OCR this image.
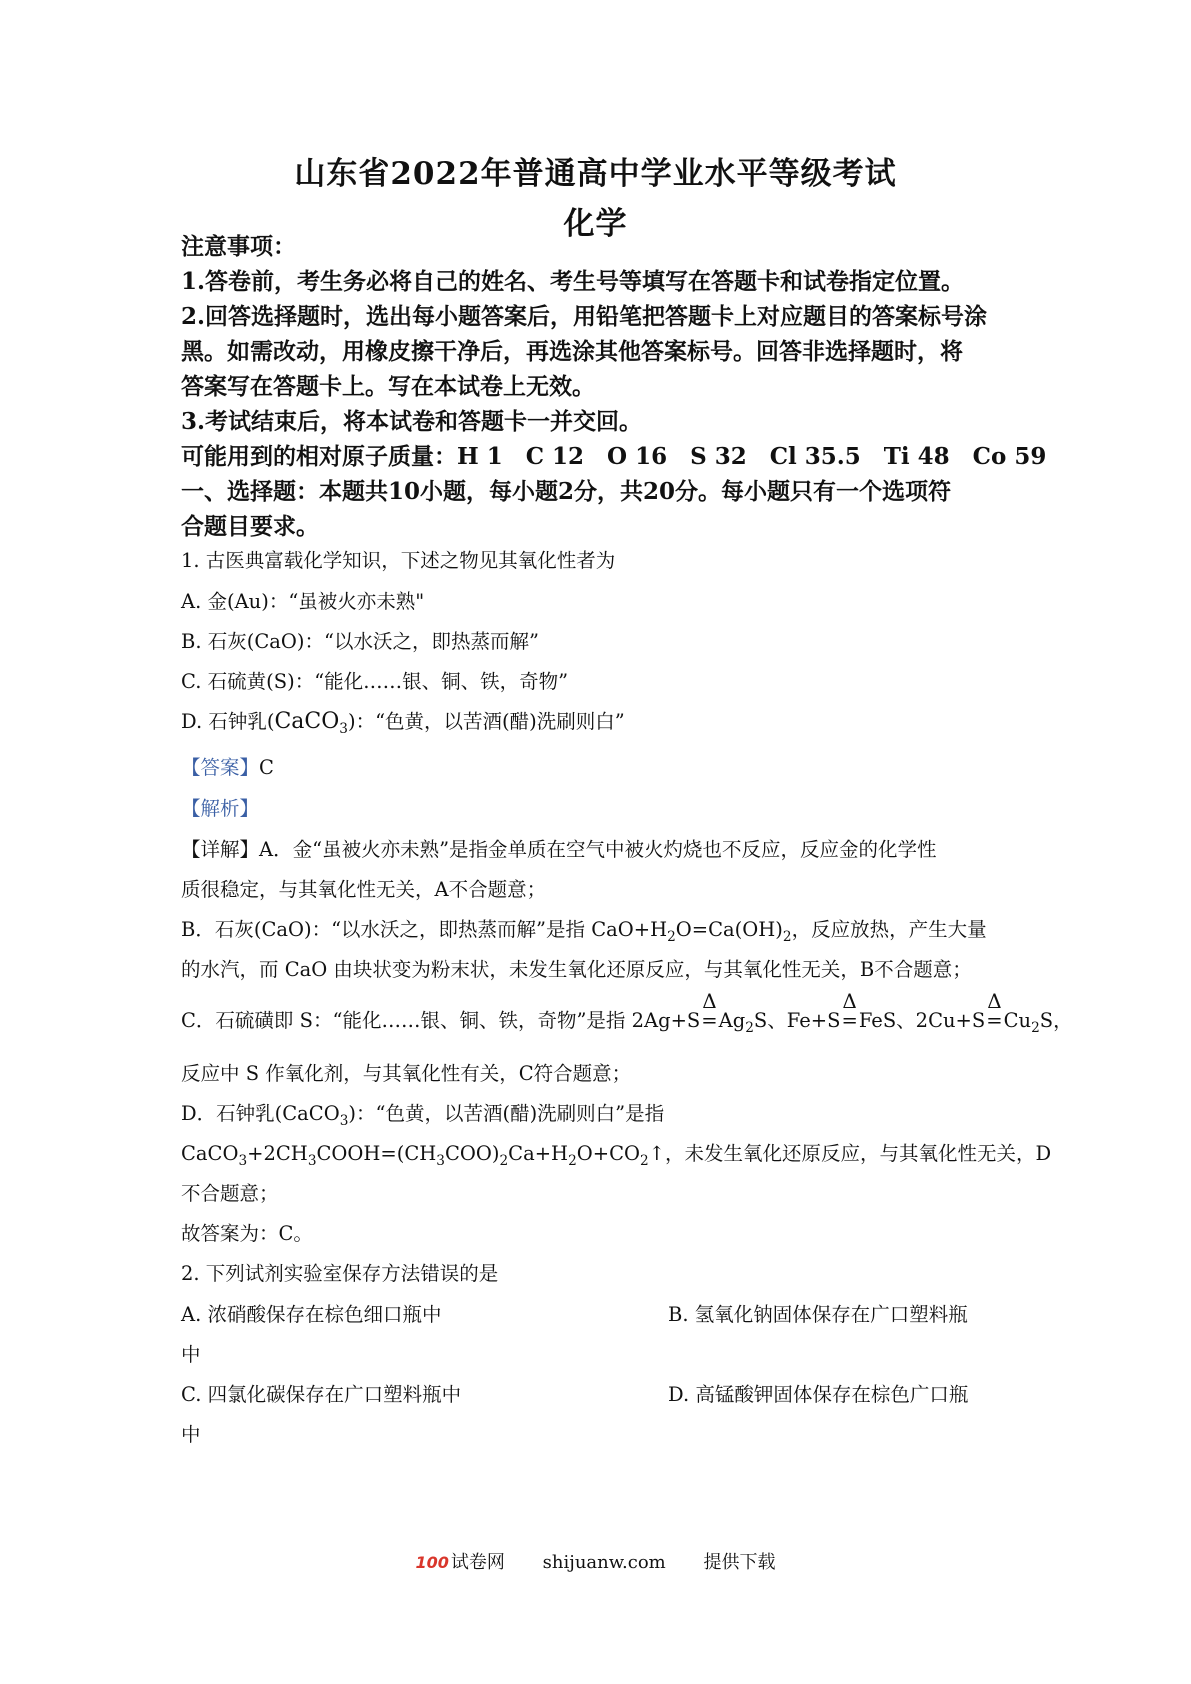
山东省2022年普通高中学业水平等级考试
化学
注意事项：
1.答卷前，考生务必将自己的姓名、考生号等填写在答题卡和试卷指定位置。
2.回答选择题时，选出每小题答案后，用铅笔把答题卡上对应题目的答案标号涂
黑。如需改动，用橡皮擦干净后，再选涂其他答案标号。回答非选择题时，将
答案写在答题卡上。写在本试卷上无效。
3.考试结束后，将本试卷和答题卡一并交回。
可能用到的相对原子质量：H 1　C 12　O 16　S 32　Cl 35.5　Ti 48　Co 59
一、选择题：本题共10小题，每小题2分，共20分。每小题只有一个选项符
合题目要求。
1. 古医典富载化学知识，下述之物见其氧化性者为
A. 金(Au)：“虽被火亦未熟"
B. 石灰(CaO)：“以水沃之，即热蒸而解”
C. 石硫黄(S)：“能化……银、铜、铁，奇物”
D. 石钟乳(CaCO$_3$)：“色黄，以苦酒(醋)洗刷则白”
【答案】C
【解析】
【详解】A．金“虽被火亦未熟”是指金单质在空气中被火灼烧也不反应，反应金的化学性
质很稳定，与其氧化性无关，A不合题意；
B．石灰(CaO)：“以水沃之，即热蒸而解”是指 $CaO+H_2O=Ca(OH)_2$，反应放热，产生大量
的水汽，而 CaO 由块状变为粉末状，未发生氧化还原反应，与其氧化性无关，B不合题意；
C．石硫磺即 S：“能化……银、铜、铁，奇物”是指 2Ag+S
Δ
$=Ag_2S$、Fe+S
Δ
=FeS、2Cu+S
Δ
$=Cu_2S$，
反应中 S 作氧化剂，与其氧化性有关，C符合题意；
D．石钟乳(CaCO$_3$)：“色黄，以苦酒(醋)洗刷则白”是指
$CaCO_3+2CH_3COOH=(CH_3COO)_2Ca+H_2O+CO_2↑$，未发生氧化还原反应，与其氧化性无关，D
不合题意；
故答案为：C。
2. 下列试剂实验室保存方法错误的是
A. 浓硝酸保存在棕色细口瓶中	B. 氢氧化钠固体保存在广口塑料瓶
中
C. 四氯化碳保存在广口塑料瓶中	D. 高锰酸钾固体保存在棕色广口瓶
中
100 试卷网 shijuanw.com 提供下载
